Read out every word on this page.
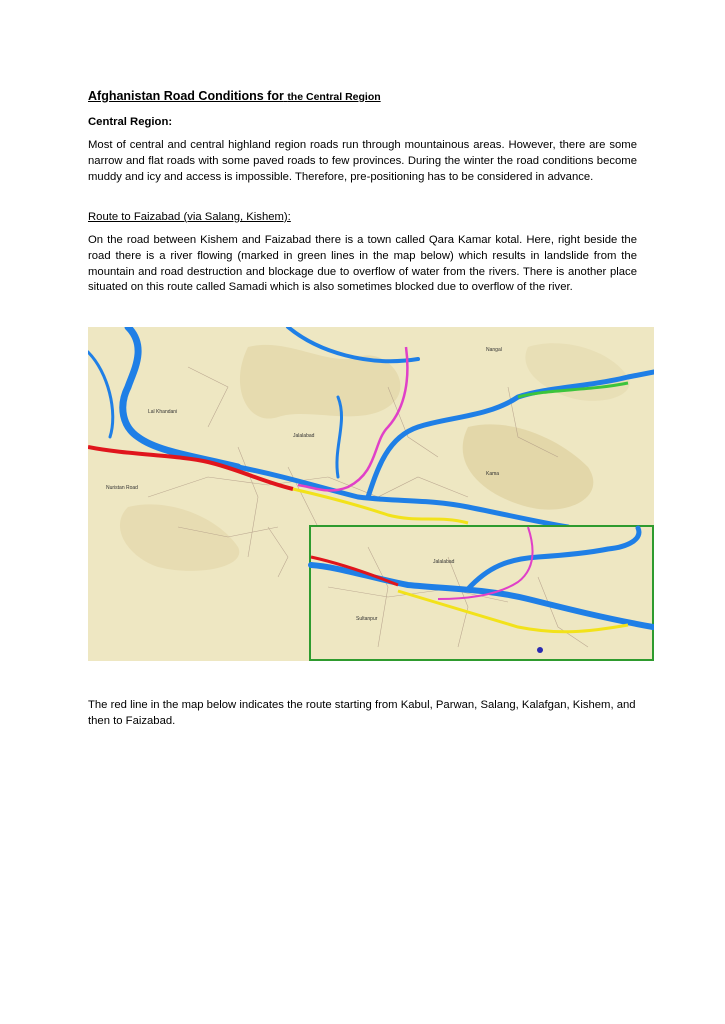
Afghanistan Road Conditions for the Central Region
Central Region:

Most of central and central highland region roads run through mountainous areas. However, there are some narrow and flat roads with some paved roads to few provinces. During the winter the road conditions become muddy and icy and access is impossible. Therefore, pre-positioning has to be considered in advance.

Route to Faizabad (via Salang, Kishem):

On the road between Kishem and Faizabad there is a town called Qara Kamar kotal. Here, right beside the road there is a river flowing (marked in green lines in the map below) which results in landslide from the mountain and road destruction and blockage due to overflow of water from the rivers. There is another place situated on this route called Samadi which is also sometimes blocked due to overflow of the river.

Jalalabad
Kama
Lal Khandani
Nangal
Nuristan Road
Jalalabad
Sultanpur

The red line in the map below indicates the route starting from Kabul, Parwan, Salang, Kalafgan, Kishem, and then to Faizabad.
